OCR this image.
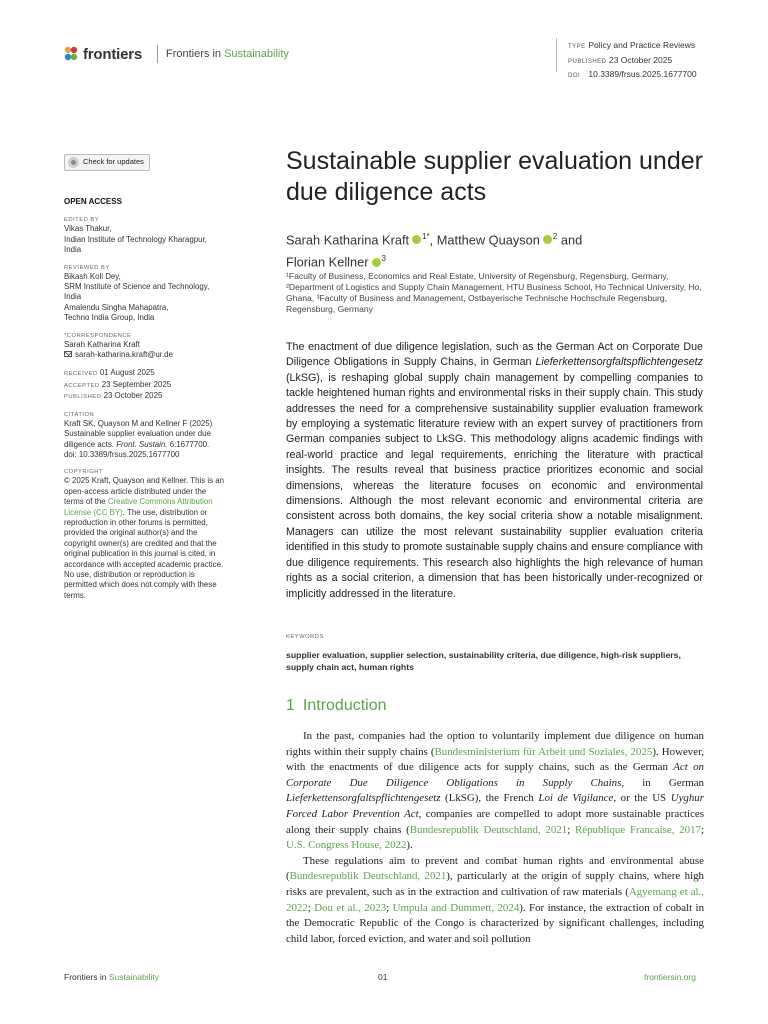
frontiers Frontiers in Sustainability
TYPE Policy and Practice Reviews
PUBLISHED 23 October 2025
DOI 10.3389/frsus.2025.1677700
Check for updates
OPEN ACCESS
EDITED BY
Vikas Thakur,
Indian Institute of Technology Kharagpur,
India
REVIEWED BY
Bikash Koli Dey,
SRM Institute of Science and Technology,
India
Amalendu Singha Mahapatra,
Techno India Group, India
*CORRESPONDENCE
Sarah Katharina Kraft
sarah-katharina.kraft@ur.de
RECEIVED 01 August 2025
ACCEPTED 23 September 2025
PUBLISHED 23 October 2025
CITATION
Kraft SK, Quayson M and Kellner F (2025)
Sustainable supplier evaluation under due
diligence acts. Front. Sustain. 6:1677700.
doi: 10.3389/frsus.2025.1677700
COPYRIGHT
© 2025 Kraft, Quayson and Kellner. This is an
open-access article distributed under the
terms of the Creative Commons Attribution
License (CC BY). The use, distribution or
reproduction in other forums is permitted,
provided the original author(s) and the
copyright owner(s) are credited and that the
original publication in this journal is cited, in
accordance with accepted academic practice.
No use, distribution or reproduction is
permitted which does not comply with these
terms.
Sustainable supplier evaluation under due diligence acts
Sarah Katharina Kraft $^{1*}$, Matthew Quayson $^2$ and
Florian Kellner $^3$
¹Faculty of Business, Economics and Real Estate, University of Regensburg, Regensburg, Germany, ²Department of Logistics and Supply Chain Management, HTU Business School, Ho Technical University, Ho, Ghana, ³Faculty of Business and Management, Ostbayerische Technische Hochschule Regensburg, Regensburg, Germany
The enactment of due diligence legislation, such as the German Act on Corporate Due Diligence Obligations in Supply Chains, in German Lieferkettensorgfaltspflichtengesetz (LkSG), is reshaping global supply chain management by compelling companies to tackle heightened human rights and environmental risks in their supply chain. This study addresses the need for a comprehensive sustainability supplier evaluation framework by employing a systematic literature review with an expert survey of practitioners from German companies subject to LkSG. This methodology aligns academic findings with real-world practice and legal requirements, enriching the literature with practical insights. The results reveal that business practice prioritizes economic and social dimensions, whereas the literature focuses on economic and environmental dimensions. Although the most relevant economic and environmental criteria are consistent across both domains, the key social criteria show a notable misalignment. Managers can utilize the most relevant sustainability supplier evaluation criteria identified in this study to promote sustainable supply chains and ensure compliance with due diligence requirements. This research also highlights the high relevance of human rights as a social criterion, a dimension that has been historically under-recognized or implicitly addressed in the literature.
KEYWORDS
supplier evaluation, supplier selection, sustainability criteria, due diligence, high-risk suppliers, supply chain act, human rights
1 Introduction

In the past, companies had the option to voluntarily implement due diligence on human rights within their supply chains (Bundesministerium für Arbeit und Soziales, 2025). However, with the enactments of due diligence acts for supply chains, such as the German Act on Corporate Due Diligence Obligations in Supply Chains, in German Lieferkettensorgfaltspflichtengesetz (LkSG), the French Loi de Vigilance, or the US Uyghur Forced Labor Prevention Act, companies are compelled to adopt more sustainable practices along their supply chains (Bundesrepublik Deutschland, 2021; République Francaise, 2017; U.S. Congress House, 2022).

These regulations aim to prevent and combat human rights and environmental abuse (Bundesrepublik Deutschland, 2021), particularly at the origin of supply chains, where high risks are prevalent, such as in the extraction and cultivation of raw materials (Agyemang et al., 2022; Dou et al., 2023; Umpula and Dummett, 2024). For instance, the extraction of cobalt in the Democratic Republic of the Congo is characterized by significant challenges, including child labor, forced eviction, and water and soil pollution

Frontiers in Sustainability	01	frontiersin.org
